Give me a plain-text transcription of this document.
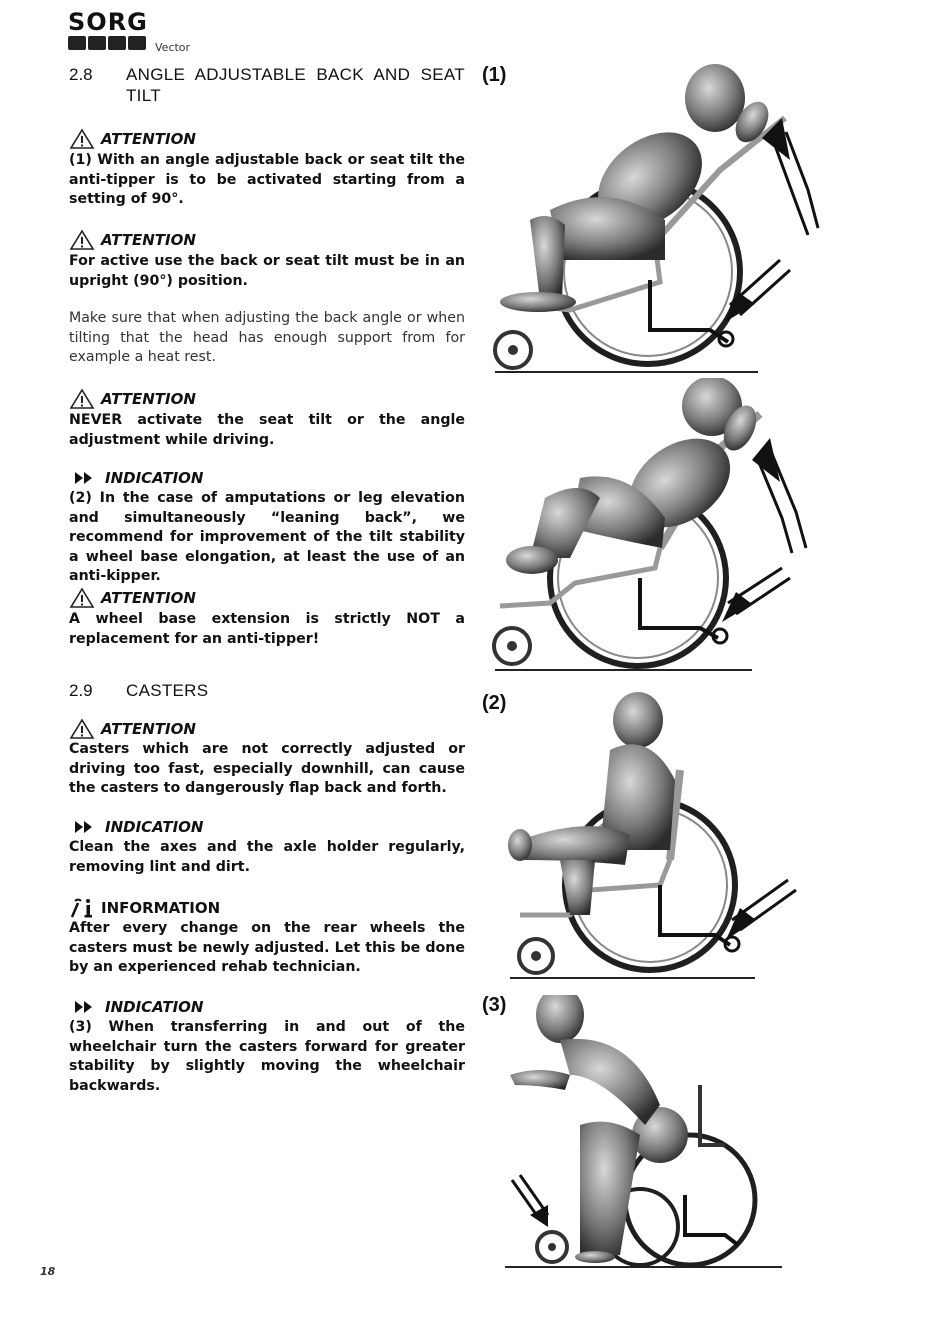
SORG
Vector
2.8 ANGLE ADJUSTABLE BACK AND SEAT TILT
ATTENTION
(1) With an angle adjustable back or seat tilt the anti-tipper is to be activated starting from a setting of 90°.
ATTENTION
For active use the back or seat tilt must be in an upright (90°) position.
Make sure that when adjusting the back angle or when tilting that the head has enough support from for example a heat rest.
ATTENTION
NEVER activate the seat tilt or the angle adjustment while driving.
INDICATION
(2) In the case of amputations or leg elevation and simultaneously “leaning back”, we recommend for improvement of the tilt stability a wheel base elongation, at least the use of an anti-kipper.
ATTENTION
A wheel base extension is strictly NOT a replacement for an anti-tipper!
2.9 CASTERS
ATTENTION
Casters which are not correctly adjusted or driving too fast, especially downhill, can cause the casters to dangerously flap back and forth.
INDICATION
Clean the axes and the axle holder regularly, removing lint and dirt.
INFORMATION
After every change on the rear wheels the casters must be newly adjusted. Let this be done by an experienced rehab technician.
INDICATION
(3) When transferring in and out of the wheelchair turn the casters forward for greater stability by slightly moving the wheelchair backwards.
(1)
(2)
(3)
18
